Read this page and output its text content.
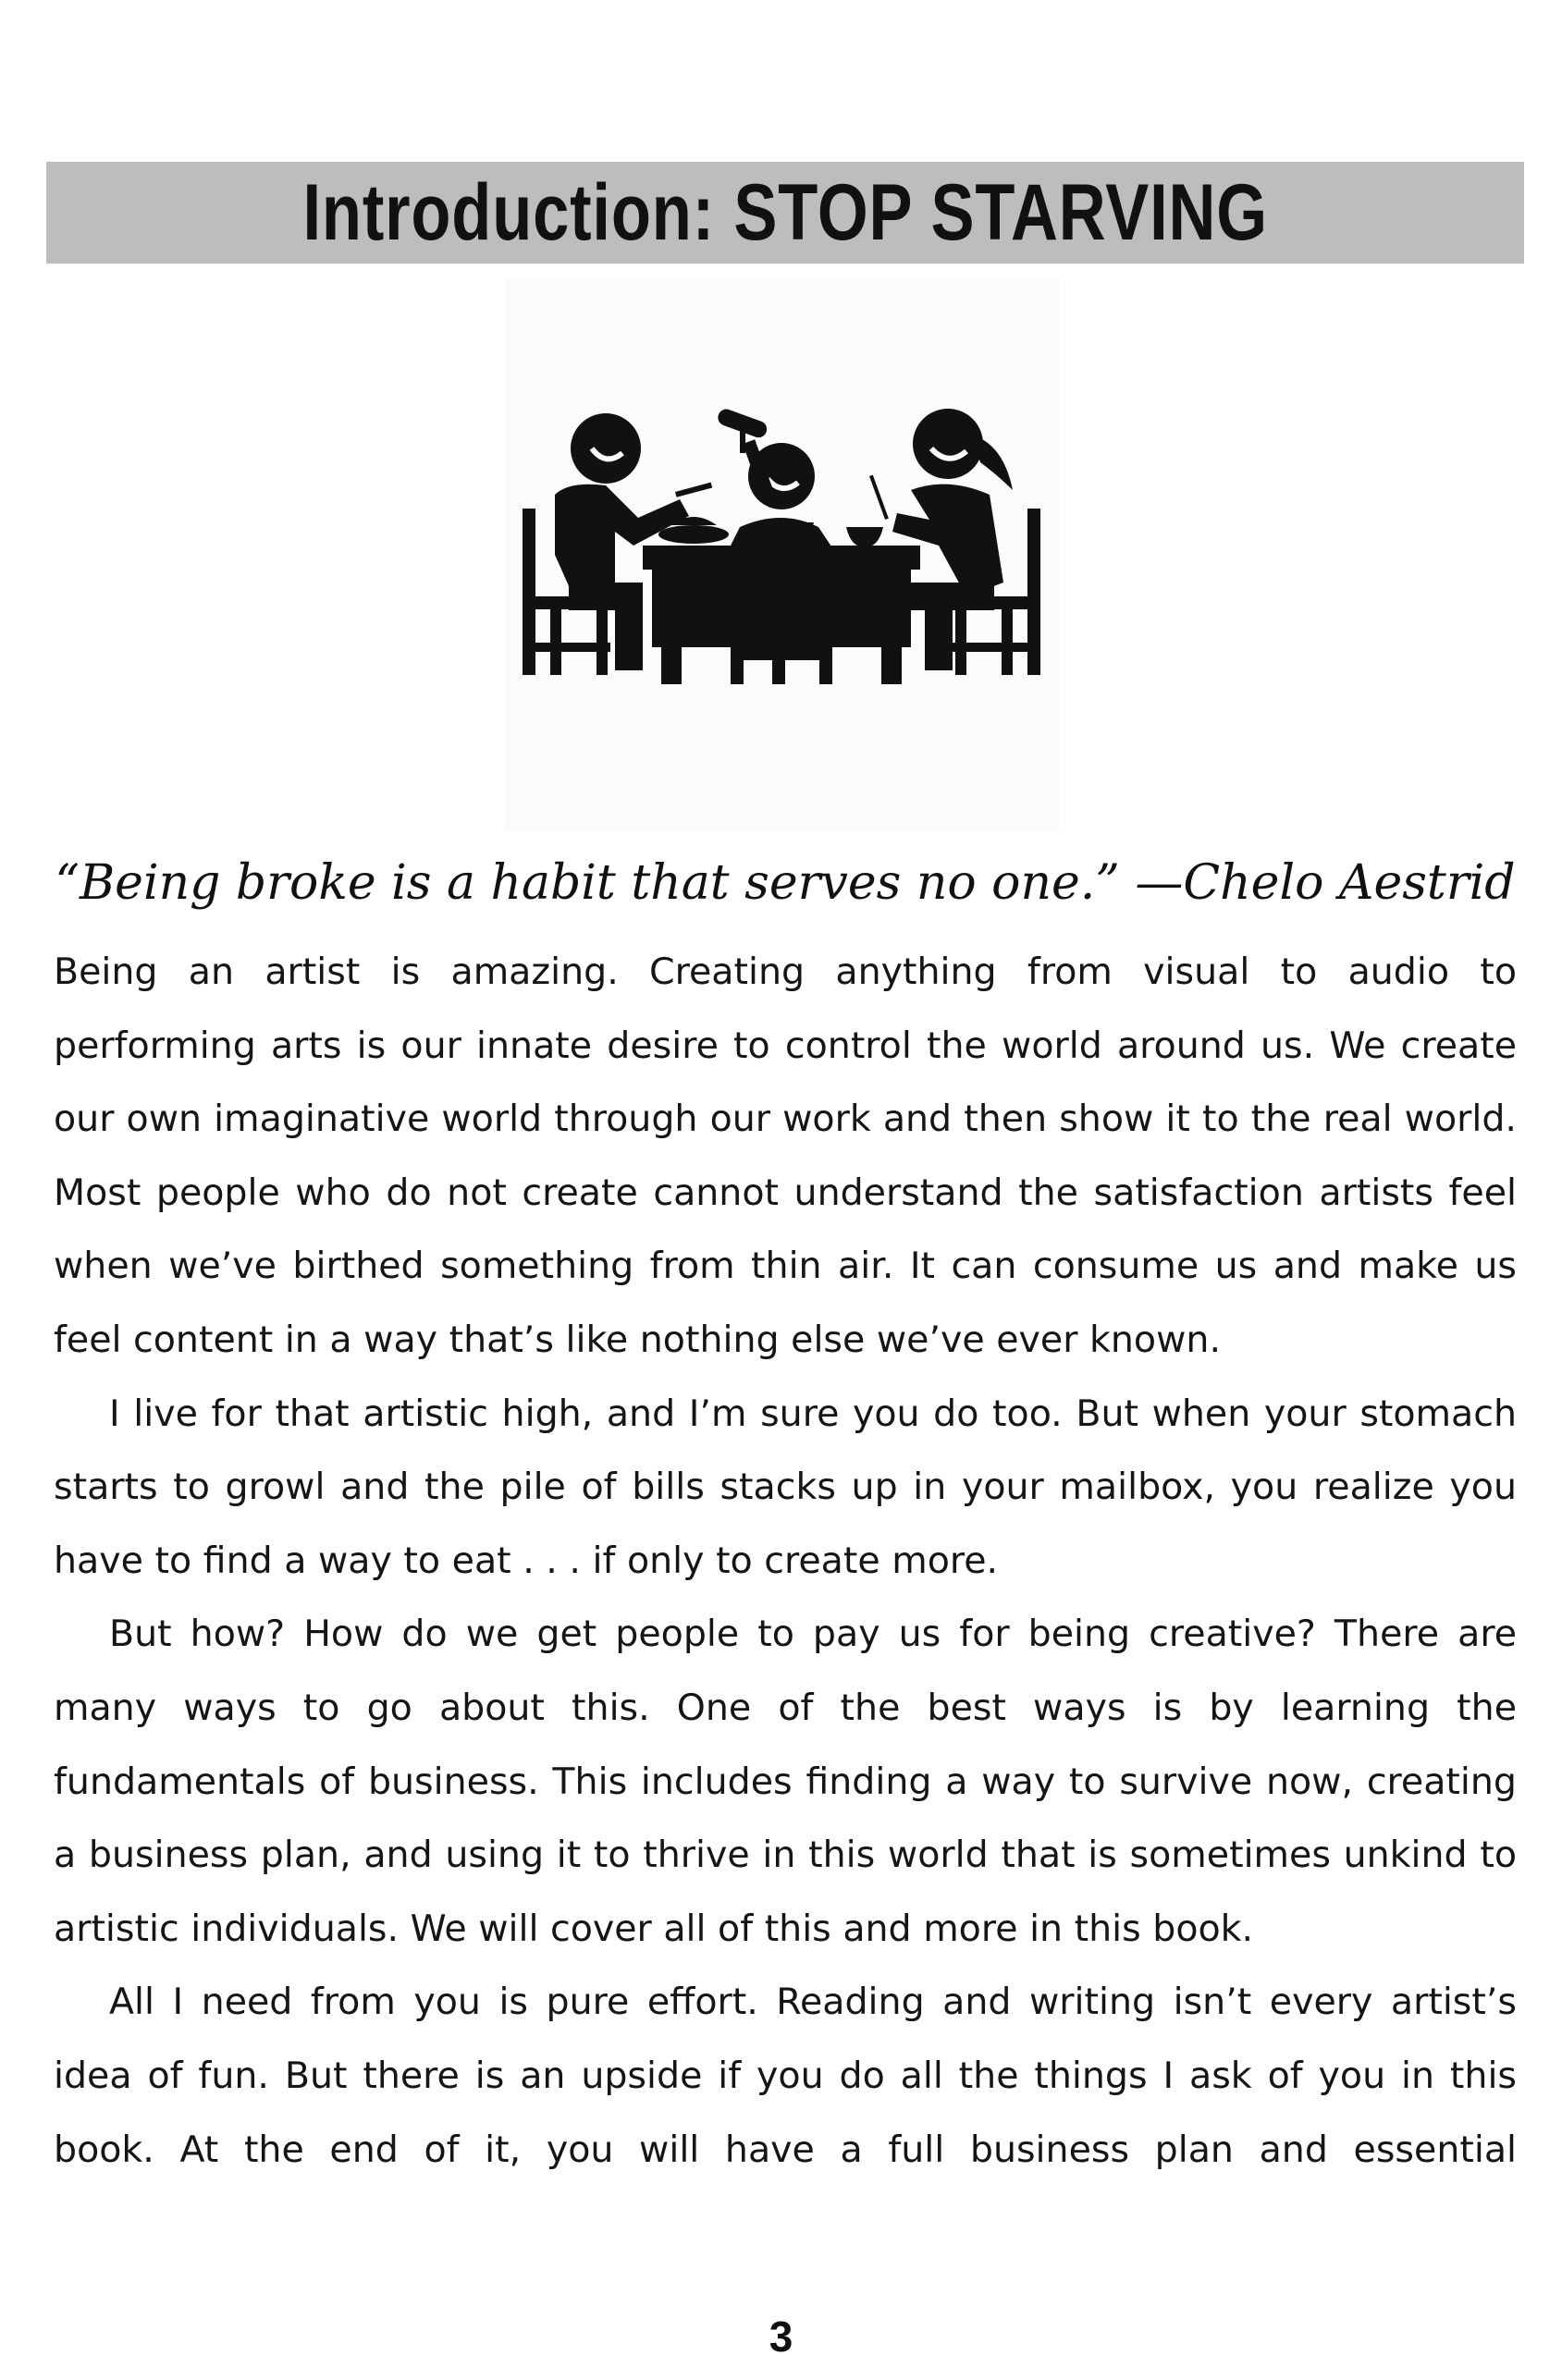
Introduction: STOP STARVING
“Being broke is a habit that serves no one.” —Chelo Aestrid

Being an artist is amazing. Creating anything from visual to audio to performing arts is our innate desire to control the world around us. We create our own imaginative world through our work and then show it to the real world. Most people who do not create cannot understand the satisfaction artists feel when we’ve birthed something from thin air. It can consume us and make us feel content in a way that’s like nothing else we’ve ever known.

I live for that artistic high, and I’m sure you do too. But when your stomach starts to growl and the pile of bills stacks up in your mailbox, you realize you have to find a way to eat . . . if only to create more.

But how? How do we get people to pay us for being creative? There are many ways to go about this. One of the best ways is by learning the fundamentals of business. This includes finding a way to survive now, creating a business plan, and using it to thrive in this world that is sometimes unkind to artistic individuals. We will cover all of this and more in this book.

All I need from you is pure effort. Reading and writing isn’t every artist’s idea of fun. But there is an upside if you do all the things I ask of you in this book. At the end of it, you will have a full business plan and essential

3
